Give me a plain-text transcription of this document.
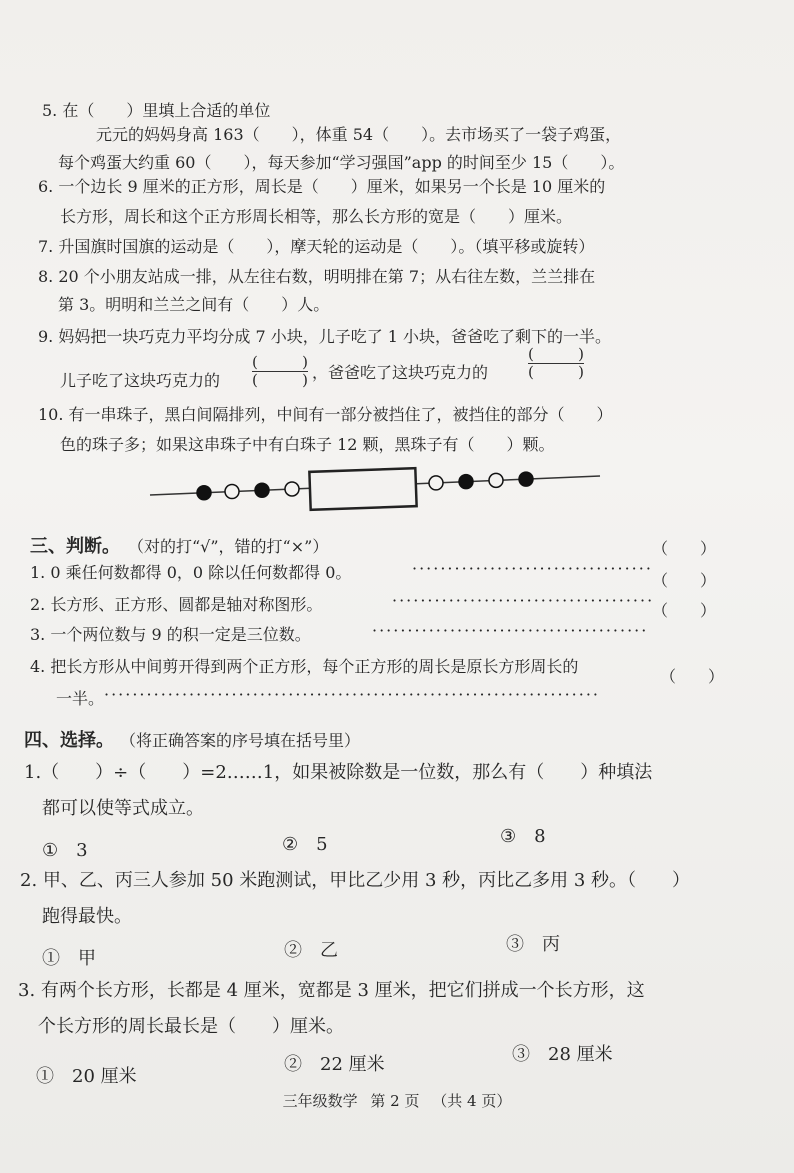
5. 在（　　）里填上合适的单位
元元的妈妈身高 163（　　），体重 54（　　）。去市场买了一袋子鸡蛋，
每个鸡蛋大约重 60（　　），每天参加“学习强国”app 的时间至少 15（　　）。
6. 一个边长 9 厘米的正方形，周长是（　　）厘米，如果另一个长是 10 厘米的
长方形，周长和这个正方形周长相等，那么长方形的宽是（　　）厘米。
7. 升国旗时国旗的运动是（　　），摩天轮的运动是（　　）。（填平移或旋转）
8. 20 个小朋友站成一排，从左往右数，明明排在第 7；从右往左数，兰兰排在
第 3。明明和兰兰之间有（　　）人。
9. 妈妈把一块巧克力平均分成 7 小块，儿子吃了 1 小块，爸爸吃了剩下的一半。
儿子吃了这块巧克力的
(	)
(	) ，爸爸吃了这块巧克力的
(	)
(	)
10. 有一串珠子，黑白间隔排列，中间有一部分被挡住了，被挡住的部分（　　）
色的珠子多；如果这串珠子中有白珠子 12 颗，黑珠子有（　　）颗。
三、判断。 （对的打“√”，错的打“×”）
1. 0 乘任何数都得 0，0 除以任何数都得 0。	··································
（　　）
2. 长方形、正方形、圆都是轴对称图形。	·····································
（　　）
3. 一个两位数与 9 的积一定是三位数。	·······································
（　　）
4. 把长方形从中间剪开得到两个正方形，每个正方形的周长是原长方形周长的
一半。 ······································································
（　　）
四、选择。 （将正确答案的序号填在括号里）
1.（　　）÷（　　）=2……1，如果被除数是一位数，那么有（　　）种填法
都可以使等式成立。
①　3	②　5	③　8
2. 甲、乙、丙三人参加 50 米跑测试，甲比乙少用 3 秒，丙比乙多用 3 秒。（　　）
跑得最快。
①　甲	②　乙	③　丙
3. 有两个长方形，长都是 4 厘米，宽都是 3 厘米，把它们拼成一个长方形，这
个长方形的周长最长是（　　）厘米。
①　20 厘米
②　22 厘米	③　28 厘米
三年级数学 第 2 页 （共 4 页）
